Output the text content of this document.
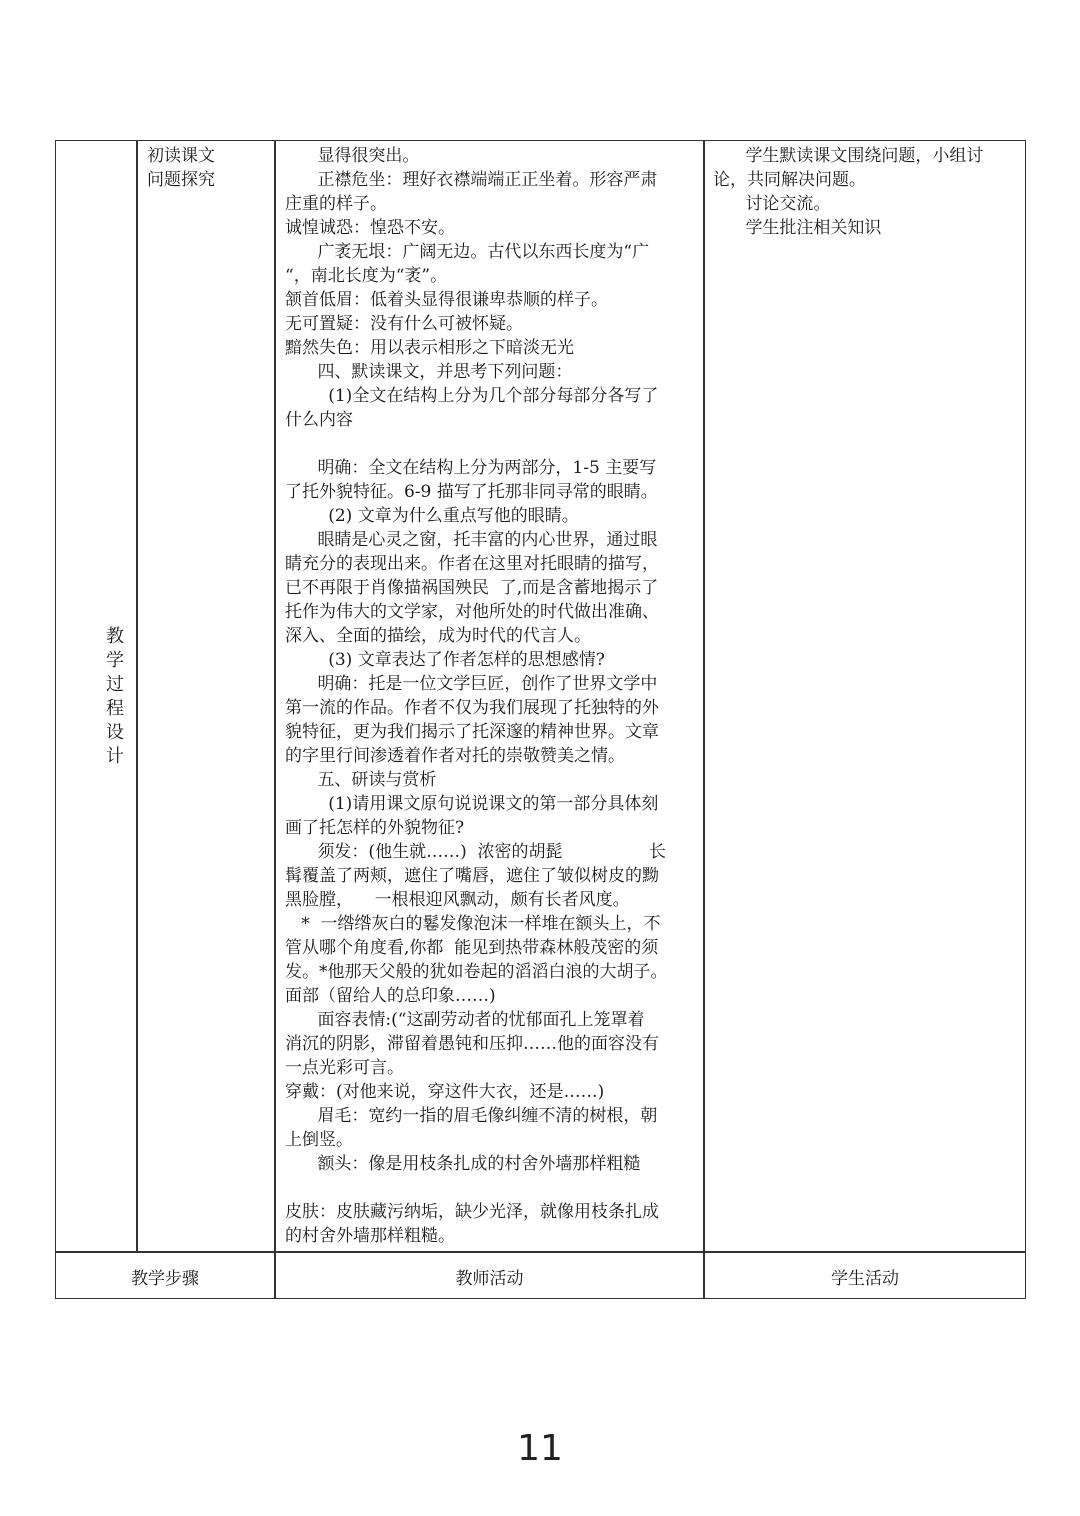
教
学
过
程
设
计
初读课文
问题探究

显得很突出。

正襟危坐：理好衣襟端端正正坐着。形容严肃

庄重的样子。

诚惶诚恐：惶恐不安。

广袤无垠：广阔无边。古代以东西长度为“广

“，南北长度为“袤”。

颔首低眉：低着头显得很谦卑恭顺的样子。

无可置疑：没有什么可被怀疑。

黯然失色：用以表示相形之下暗淡无光

四、默读课文，并思考下列问题：

(1)全文在结构上分为几个部分每部分各写了

什么内容

明确：全文在结构上分为两部分，1-5 主要写

了托外貌特征。6-9 描写了托那非同寻常的眼睛。

(2) 文章为什么重点写他的眼睛。

眼睛是心灵之窗，托丰富的内心世界，通过眼

睛充分的表现出来。作者在这里对托眼睛的描写，

已不再限于肖像描祸国殃民  了,而是含蓄地揭示了

托作为伟大的文学家，对他所处的时代做出准确、

深入、全面的描绘，成为时代的代言人。

(3) 文章表达了作者怎样的思想感情?

明确：托是一位文学巨匠，创作了世界文学中

第一流的作品。作者不仅为我们展现了托独特的外

貌特征，更为我们揭示了托深邃的精神世界。文章

的字里行间渗透着作者对托的崇敬赞美之情。

五、研读与赏析

(1)请用课文原句说说课文的第一部分具体刻

画了托怎样的外貌物征?

须发：(他生就……)  浓密的胡髭                长

髯覆盖了两颊，遮住了嘴唇，遮住了皱似树皮的黝

黑脸膛，    一根根迎风飘动，颇有长者风度。

*  一绺绺灰白的鬈发像泡沫一样堆在额头上，不

管从哪个角度看,你都  能见到热带森林般茂密的须

发。*他那天父般的犹如卷起的滔滔白浪的大胡子。

面部（留给人的总印象……)

面容表情:(“这副劳动者的忧郁面孔上笼罩着

消沉的阴影，滞留着愚钝和压抑……他的面容没有

一点光彩可言。

穿戴：(对他来说，穿这件大衣，还是……)

眉毛：宽约一指的眉毛像纠缠不清的树根，朝

上倒竖。

额头：像是用枝条扎成的村舍外墙那样粗糙

皮肤：皮肤藏污纳垢，缺少光泽，就像用枝条扎成

的村舍外墙那样粗糙。

学生默读课文围绕问题，小组讨

论，共同解决问题。

讨论交流。

学生批注相关知识

教学步骤	教师活动	学生活动
11
